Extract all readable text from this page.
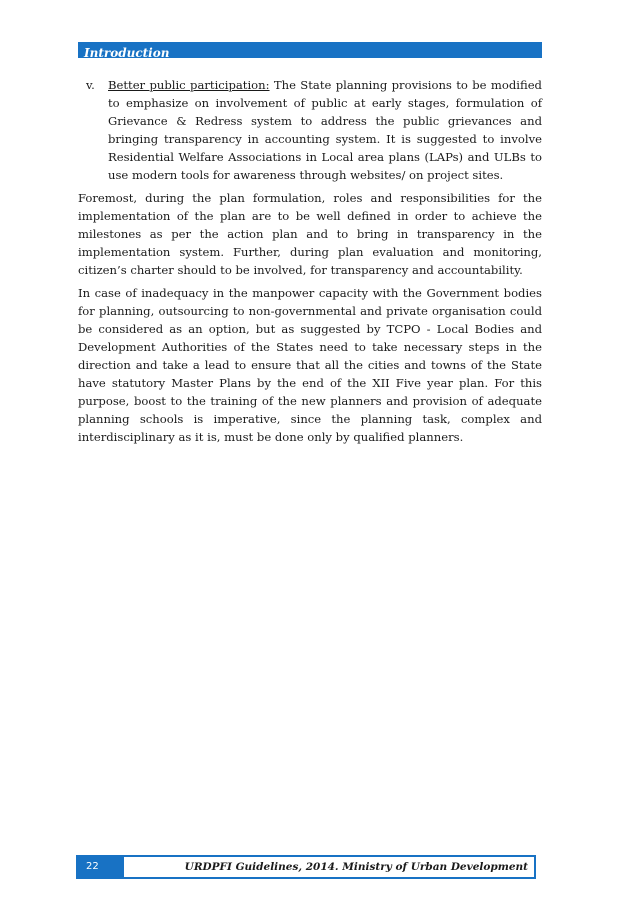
Introduction
v. Better public participation: The State planning provisions to be modified to emphasize on involvement of public at early stages, formulation of Grievance & Redress system to address the public grievances and bringing transparency in accounting system. It is suggested to involve Residential Welfare Associations in Local area plans (LAPs) and ULBs to use modern tools for awareness through websites/ on project sites.

Foremost, during the plan formulation, roles and responsibilities for the implementation of the plan are to be well defined in order to achieve the milestones as per the action plan and to bring in transparency in the implementation system. Further, during plan evaluation and monitoring, citizen’s charter should to be involved, for transparency and accountability.

In case of inadequacy in the manpower capacity with the Government bodies for planning, outsourcing to non-governmental and private organisation could be considered as an option, but as suggested by TCPO - Local Bodies and Development Authorities of the States need to take necessary steps in the direction and take a lead to ensure that all the cities and towns of the State have statutory Master Plans by the end of the XII Five year plan. For this purpose, boost to the training of the new planners and provision of adequate planning schools is imperative, since the planning task, complex and interdisciplinary as it is, must be done only by qualified planners.

22	URDPFI Guidelines, 2014. Ministry of Urban Development
